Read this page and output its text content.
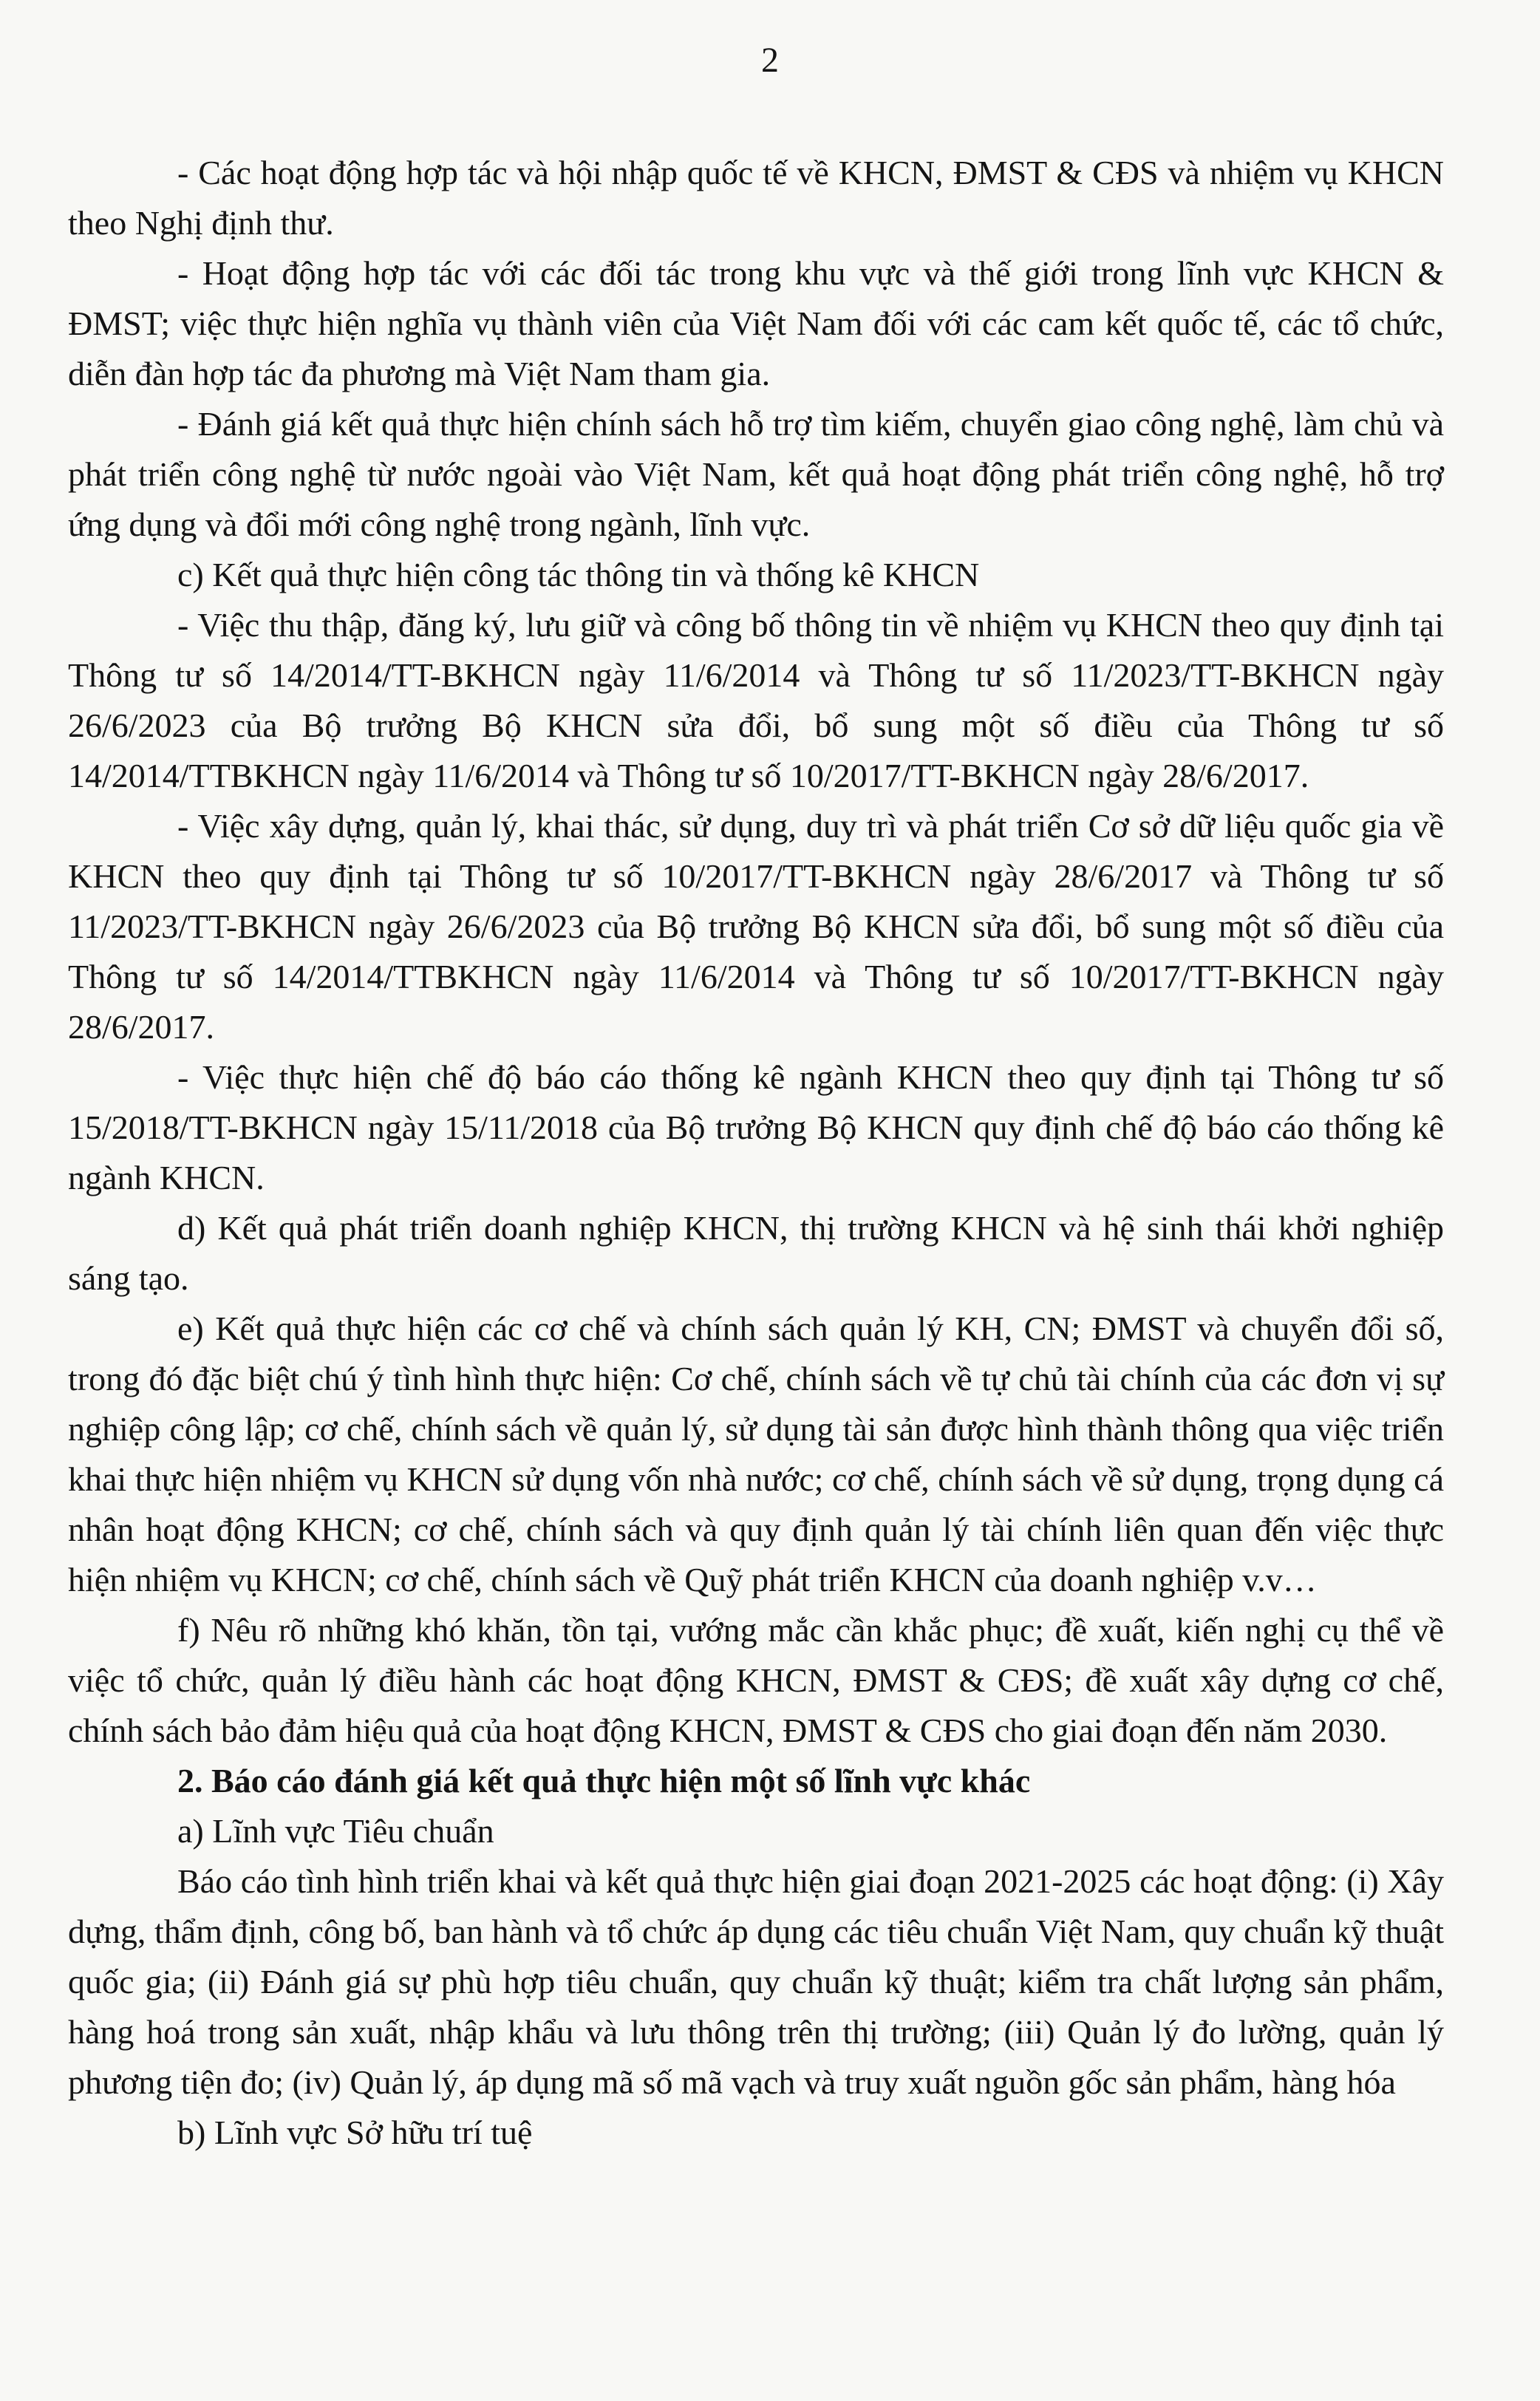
2

- Các hoạt động hợp tác và hội nhập quốc tế về KHCN, ĐMST & CĐS và nhiệm vụ KHCN theo Nghị định thư.

- Hoạt động hợp tác với các đối tác trong khu vực và thế giới trong lĩnh vực KHCN & ĐMST; việc thực hiện nghĩa vụ thành viên của Việt Nam đối với các cam kết quốc tế, các tổ chức, diễn đàn hợp tác đa phương mà Việt Nam tham gia.

- Đánh giá kết quả thực hiện chính sách hỗ trợ tìm kiếm, chuyển giao công nghệ, làm chủ và phát triển công nghệ từ nước ngoài vào Việt Nam, kết quả hoạt động phát triển công nghệ, hỗ trợ ứng dụng và đổi mới công nghệ trong ngành, lĩnh vực.

c) Kết quả thực hiện công tác thông tin và thống kê KHCN

- Việc thu thập, đăng ký, lưu giữ và công bố thông tin về nhiệm vụ KHCN theo quy định tại Thông tư số 14/2014/TT-BKHCN ngày 11/6/2014 và Thông tư số 11/2023/TT-BKHCN ngày 26/6/2023 của Bộ trưởng Bộ KHCN sửa đổi, bổ sung một số điều của Thông tư số 14/2014/TTBKHCN ngày 11/6/2014 và Thông tư số 10/2017/TT-BKHCN ngày 28/6/2017.

- Việc xây dựng, quản lý, khai thác, sử dụng, duy trì và phát triển Cơ sở dữ liệu quốc gia về KHCN theo quy định tại Thông tư số 10/2017/TT-BKHCN ngày 28/6/2017 và Thông tư số 11/2023/TT-BKHCN ngày 26/6/2023 của Bộ trưởng Bộ KHCN sửa đổi, bổ sung một số điều của Thông tư số 14/2014/TTBKHCN ngày 11/6/2014 và Thông tư số 10/2017/TT-BKHCN ngày 28/6/2017.

- Việc thực hiện chế độ báo cáo thống kê ngành KHCN theo quy định tại Thông tư số 15/2018/TT-BKHCN ngày 15/11/2018 của Bộ trưởng Bộ KHCN quy định chế độ báo cáo thống kê ngành KHCN.

d) Kết quả phát triển doanh nghiệp KHCN, thị trường KHCN và hệ sinh thái khởi nghiệp sáng tạo.

e) Kết quả thực hiện các cơ chế và chính sách quản lý KH, CN; ĐMST và chuyển đổi số, trong đó đặc biệt chú ý tình hình thực hiện: Cơ chế, chính sách về tự chủ tài chính của các đơn vị sự nghiệp công lập; cơ chế, chính sách về quản lý, sử dụng tài sản được hình thành thông qua việc triển khai thực hiện nhiệm vụ KHCN sử dụng vốn nhà nước; cơ chế, chính sách về sử dụng, trọng dụng cá nhân hoạt động KHCN; cơ chế, chính sách và quy định quản lý tài chính liên quan đến việc thực hiện nhiệm vụ KHCN; cơ chế, chính sách về Quỹ phát triển KHCN của doanh nghiệp v.v…

f) Nêu rõ những khó khăn, tồn tại, vướng mắc cần khắc phục; đề xuất, kiến nghị cụ thể về việc tổ chức, quản lý điều hành các hoạt động KHCN, ĐMST & CĐS; đề xuất xây dựng cơ chế, chính sách bảo đảm hiệu quả của hoạt động KHCN, ĐMST & CĐS cho giai đoạn đến năm 2030.

2. Báo cáo đánh giá kết quả thực hiện một số lĩnh vực khác

a) Lĩnh vực Tiêu chuẩn

Báo cáo tình hình triển khai và kết quả thực hiện giai đoạn 2021-2025 các hoạt động: (i) Xây dựng, thẩm định, công bố, ban hành và tổ chức áp dụng các tiêu chuẩn Việt Nam, quy chuẩn kỹ thuật quốc gia; (ii) Đánh giá sự phù hợp tiêu chuẩn, quy chuẩn kỹ thuật; kiểm tra chất lượng sản phẩm, hàng hoá trong sản xuất, nhập khẩu và lưu thông trên thị trường; (iii) Quản lý đo lường, quản lý phương tiện đo; (iv) Quản lý, áp dụng mã số mã vạch và truy xuất nguồn gốc sản phẩm, hàng hóa

b) Lĩnh vực Sở hữu trí tuệ
